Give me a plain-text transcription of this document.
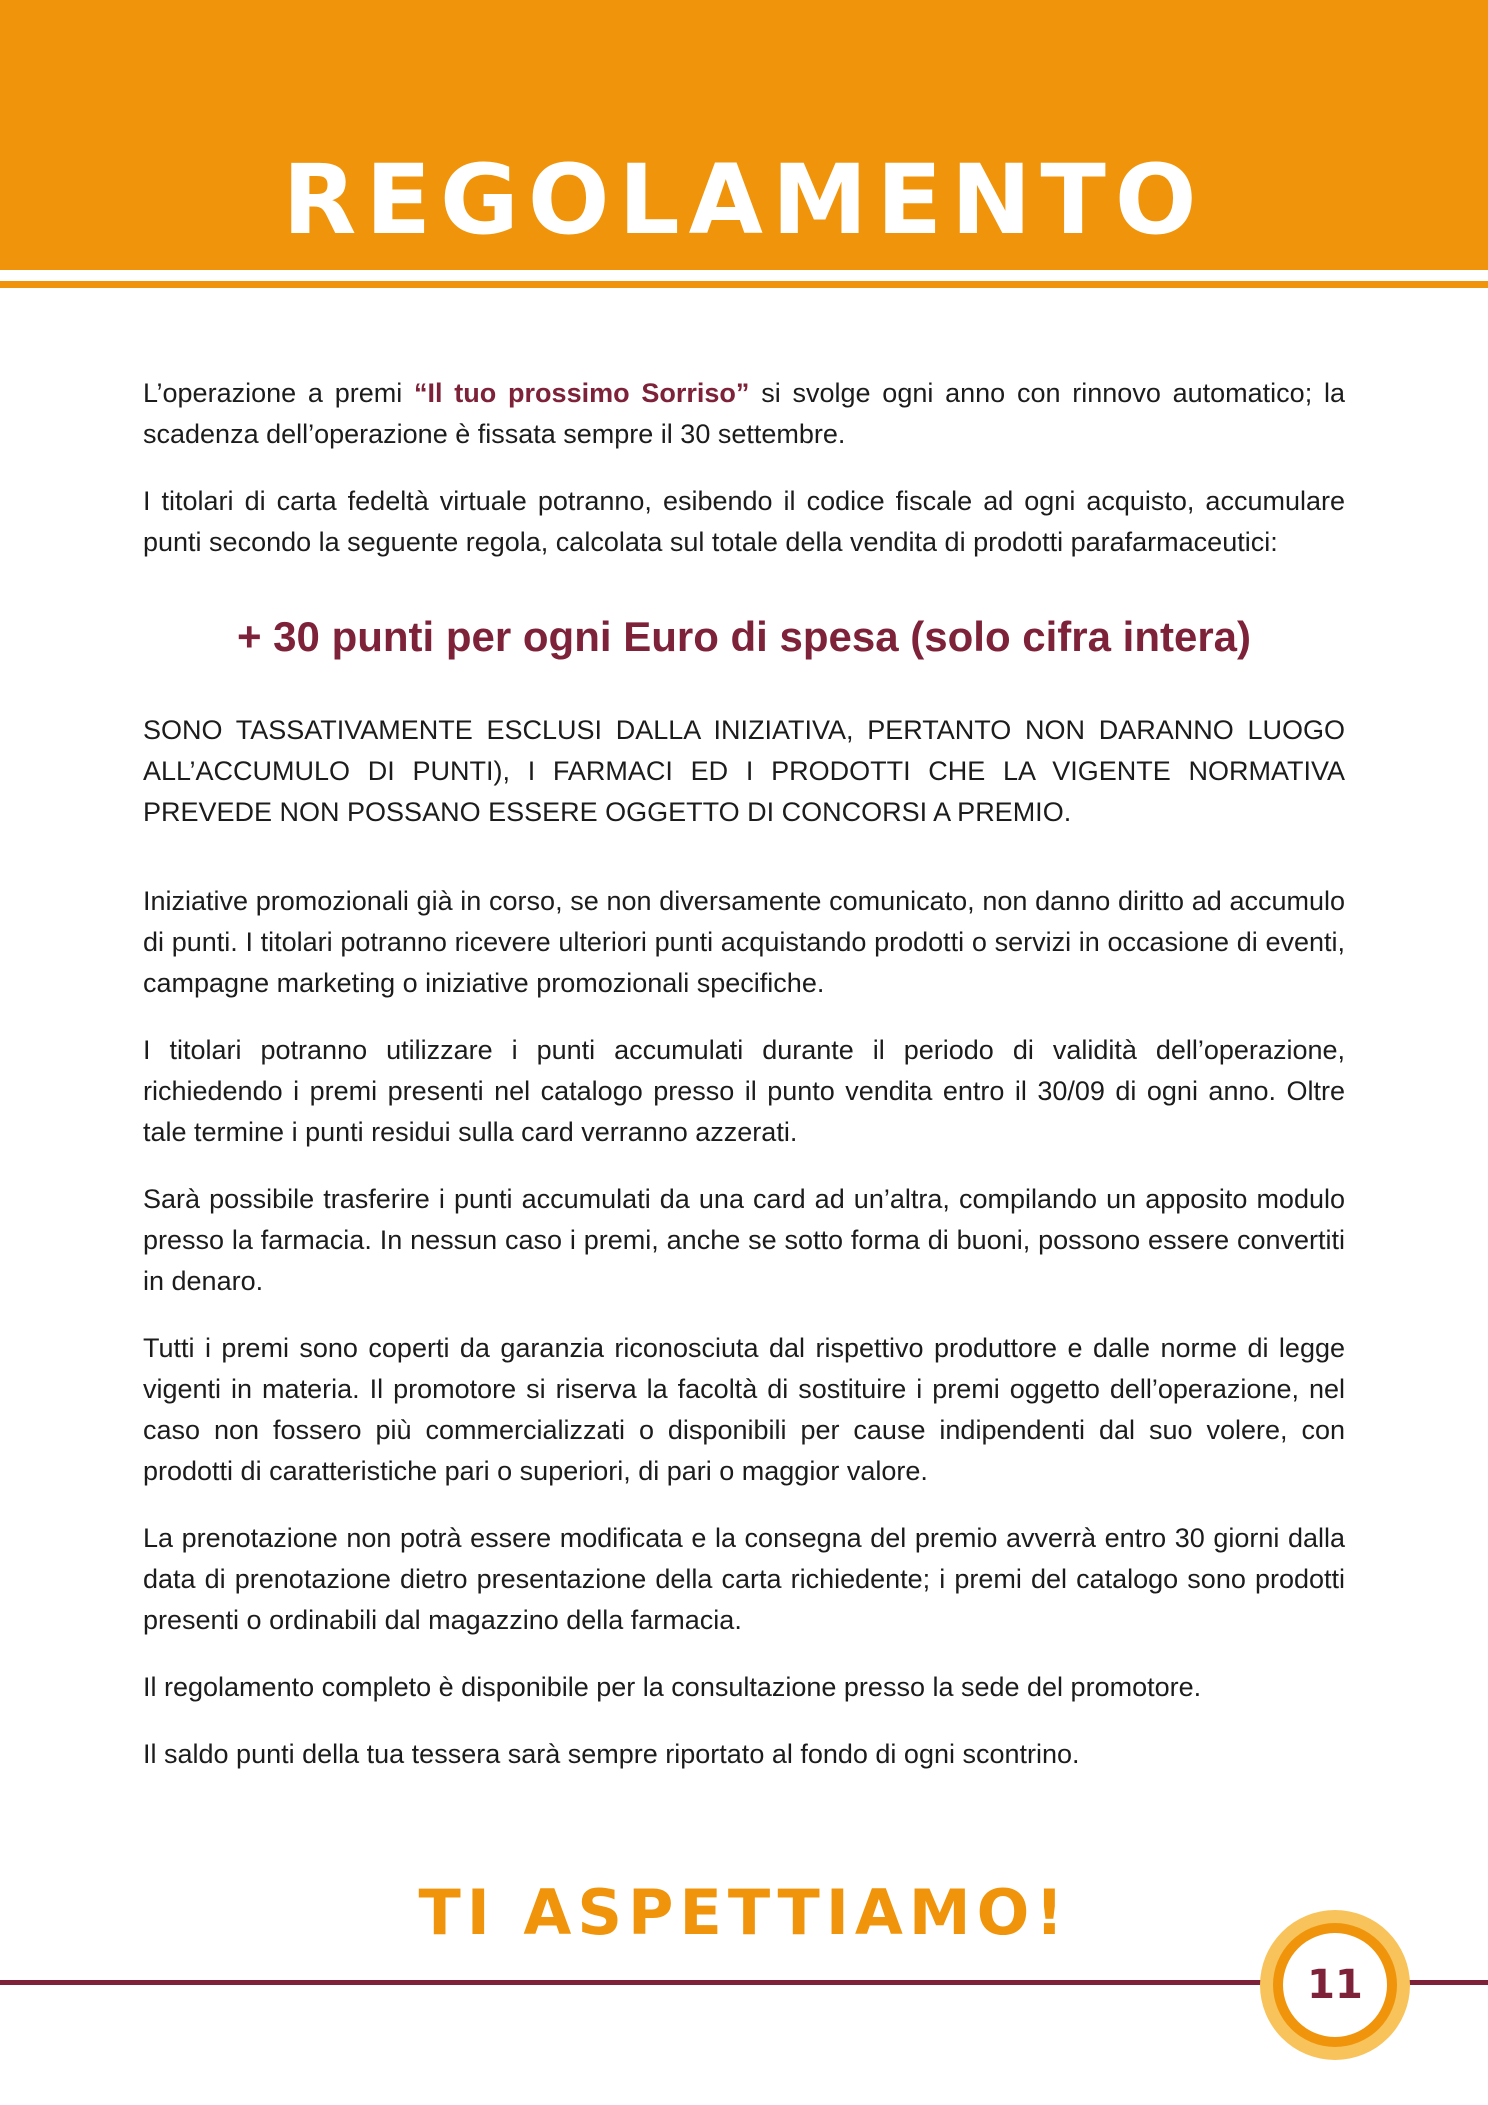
REGOLAMENTO

L’operazione a premi “Il tuo prossimo Sorriso” si svolge ogni anno con rinnovo automatico; la scadenza dell’operazione è fissata sempre il 30 settembre.

I titolari di carta fedeltà virtuale potranno, esibendo il codice fiscale ad ogni acquisto, accumulare punti secondo la seguente regola, calcolata sul totale della vendita di prodotti parafarmaceutici:

+ 30 punti per ogni Euro di spesa (solo cifra intera)

SONO TASSATIVAMENTE ESCLUSI DALLA INIZIATIVA, PERTANTO NON DARANNO LUOGO ALL’ACCUMULO DI PUNTI), I FARMACI ED I PRODOTTI CHE LA VIGENTE NORMATIVA PREVEDE NON POSSANO ESSERE OGGETTO DI CONCORSI A PREMIO.

Iniziative promozionali già in corso, se non diversamente comunicato, non danno diritto ad accumulo di punti. I titolari potranno ricevere ulteriori punti acquistando prodotti o servizi in occasione di eventi, campagne marketing o iniziative promozionali specifiche.

I titolari potranno utilizzare i punti accumulati durante il periodo di validità dell’operazione, richiedendo i premi presenti nel catalogo presso il punto vendita entro il 30/09 di ogni anno. Oltre tale termine i punti residui sulla card verranno azzerati.

Sarà possibile trasferire i punti accumulati da una card ad un’altra, compilando un apposito modulo presso la farmacia. In nessun caso i premi, anche se sotto forma di buoni, possono essere convertiti in denaro.

Tutti i premi sono coperti da garanzia riconosciuta dal rispettivo produttore e dalle norme di legge vigenti in materia. Il promotore si riserva la facoltà di sostituire i premi oggetto dell’operazione, nel caso non fossero più commercializzati o disponibili per cause indipendenti dal suo volere, con prodotti di caratteristiche pari o superiori, di pari o maggior valore.

La prenotazione non potrà essere modificata e la consegna del premio avverrà entro 30 giorni dalla data di prenotazione dietro presentazione della carta richiedente; i premi del catalogo sono prodotti presenti o ordinabili dal magazzino della farmacia.

Il regolamento completo è disponibile per la consultazione presso la sede del promotore.

Il saldo punti della tua tessera sarà sempre riportato al fondo di ogni scontrino.

TI ASPETTIAMO!
11
